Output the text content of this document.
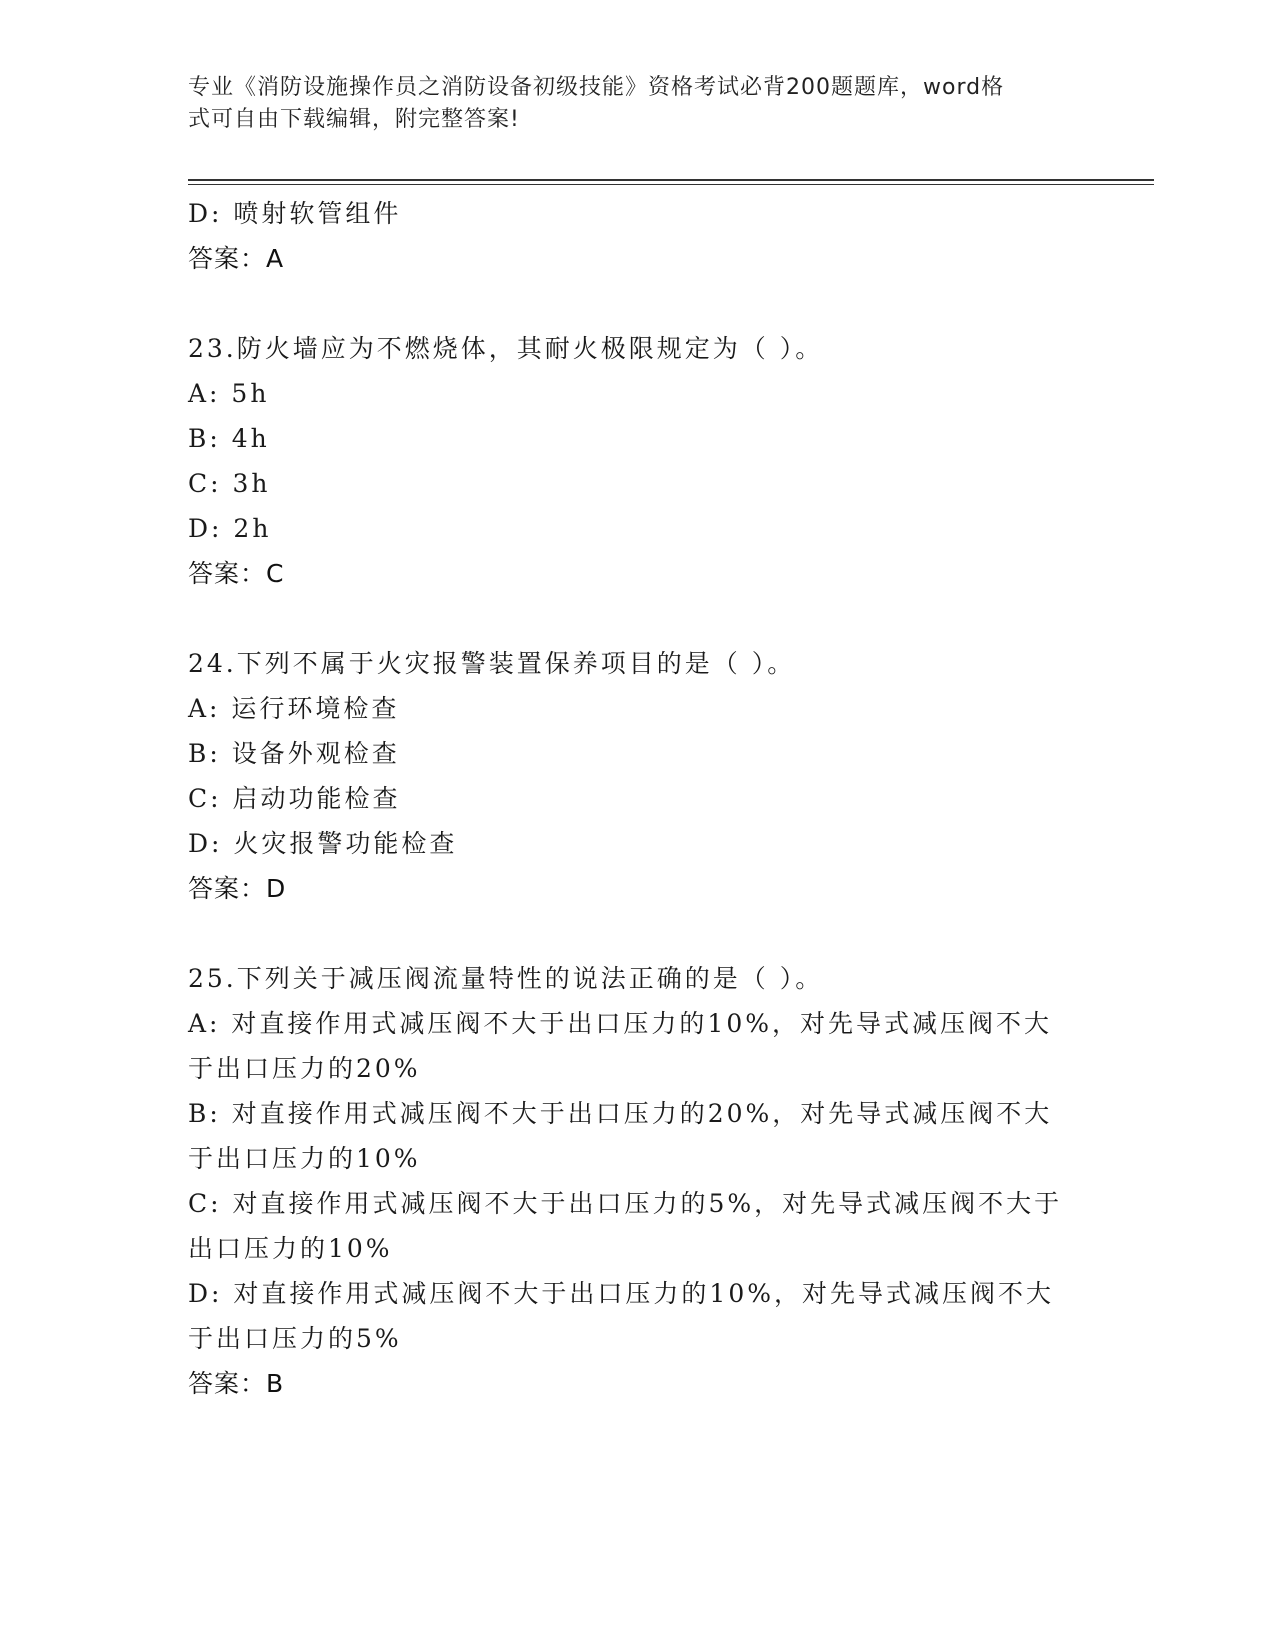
专业《消防设施操作员之消防设备初级技能》资格考试必背200题题库，word格
式可自由下载编辑，附完整答案!
D: 喷射软管组件
答案：A
23.防火墙应为不燃烧体，其耐火极限规定为（ ）。
A: 5h
B: 4h
C: 3h
D: 2h
答案：C
24.下列不属于火灾报警装置保养项目的是（ ）。
A: 运行环境检查
B: 设备外观检查
C: 启动功能检查
D: 火灾报警功能检查
答案：D
25.下列关于减压阀流量特性的说法正确的是（ ）。
A: 对直接作用式减压阀不大于出口压力的10%，对先导式减压阀不大
于出口压力的20%
B: 对直接作用式减压阀不大于出口压力的20%，对先导式减压阀不大
于出口压力的10%
C: 对直接作用式减压阀不大于出口压力的5%，对先导式减压阀不大于
出口压力的10%
D: 对直接作用式减压阀不大于出口压力的10%，对先导式减压阀不大
于出口压力的5%
答案：B
